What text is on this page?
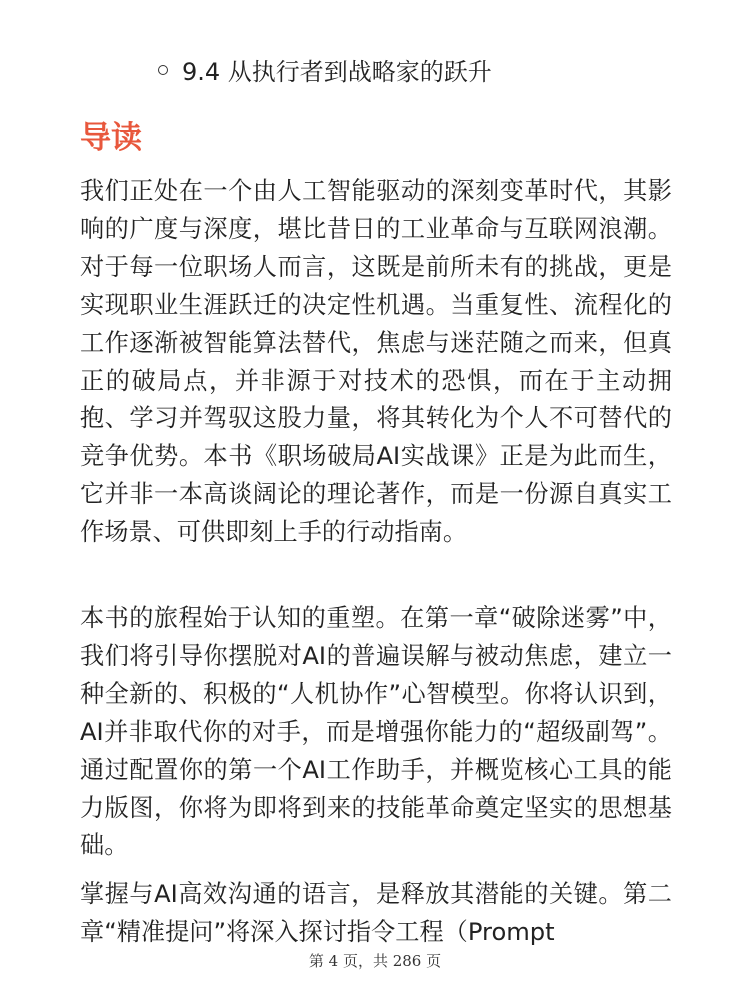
9.4 从执行者到战略家的跃升
导读

我们正处在一个由人工智能驱动的深刻变革时代，其影响的广度与深度，堪比昔日的工业革命与互联网浪潮。对于每一位职场人而言，这既是前所未有的挑战，更是实现职业生涯跃迁的决定性机遇。当重复性、流程化的工作逐渐被智能算法替代，焦虑与迷茫随之而来，但真正的破局点，并非源于对技术的恐惧，而在于主动拥抱、学习并驾驭这股力量，将其转化为个人不可替代的竞争优势。本书《职场破局AI实战课》正是为此而生，它并非一本高谈阔论的理论著作，而是一份源自真实工作场景、可供即刻上手的行动指南。

本书的旅程始于认知的重塑。在第一章“破除迷雾”中，我们将引导你摆脱对AI的普遍误解与被动焦虑，建立一种全新的、积极的“人机协作”心智模型。你将认识到，AI并非取代你的对手，而是增强你能力的“超级副驾”。通过配置你的第一个AI工作助手，并概览核心工具的能力版图，你将为即将到来的技能革命奠定坚实的思想基础。

掌握与AI高效沟通的语言，是释放其潜能的关键。第二章“精准提问”将深入探讨指令工程（Prompt

第 4 页，共 286 页
